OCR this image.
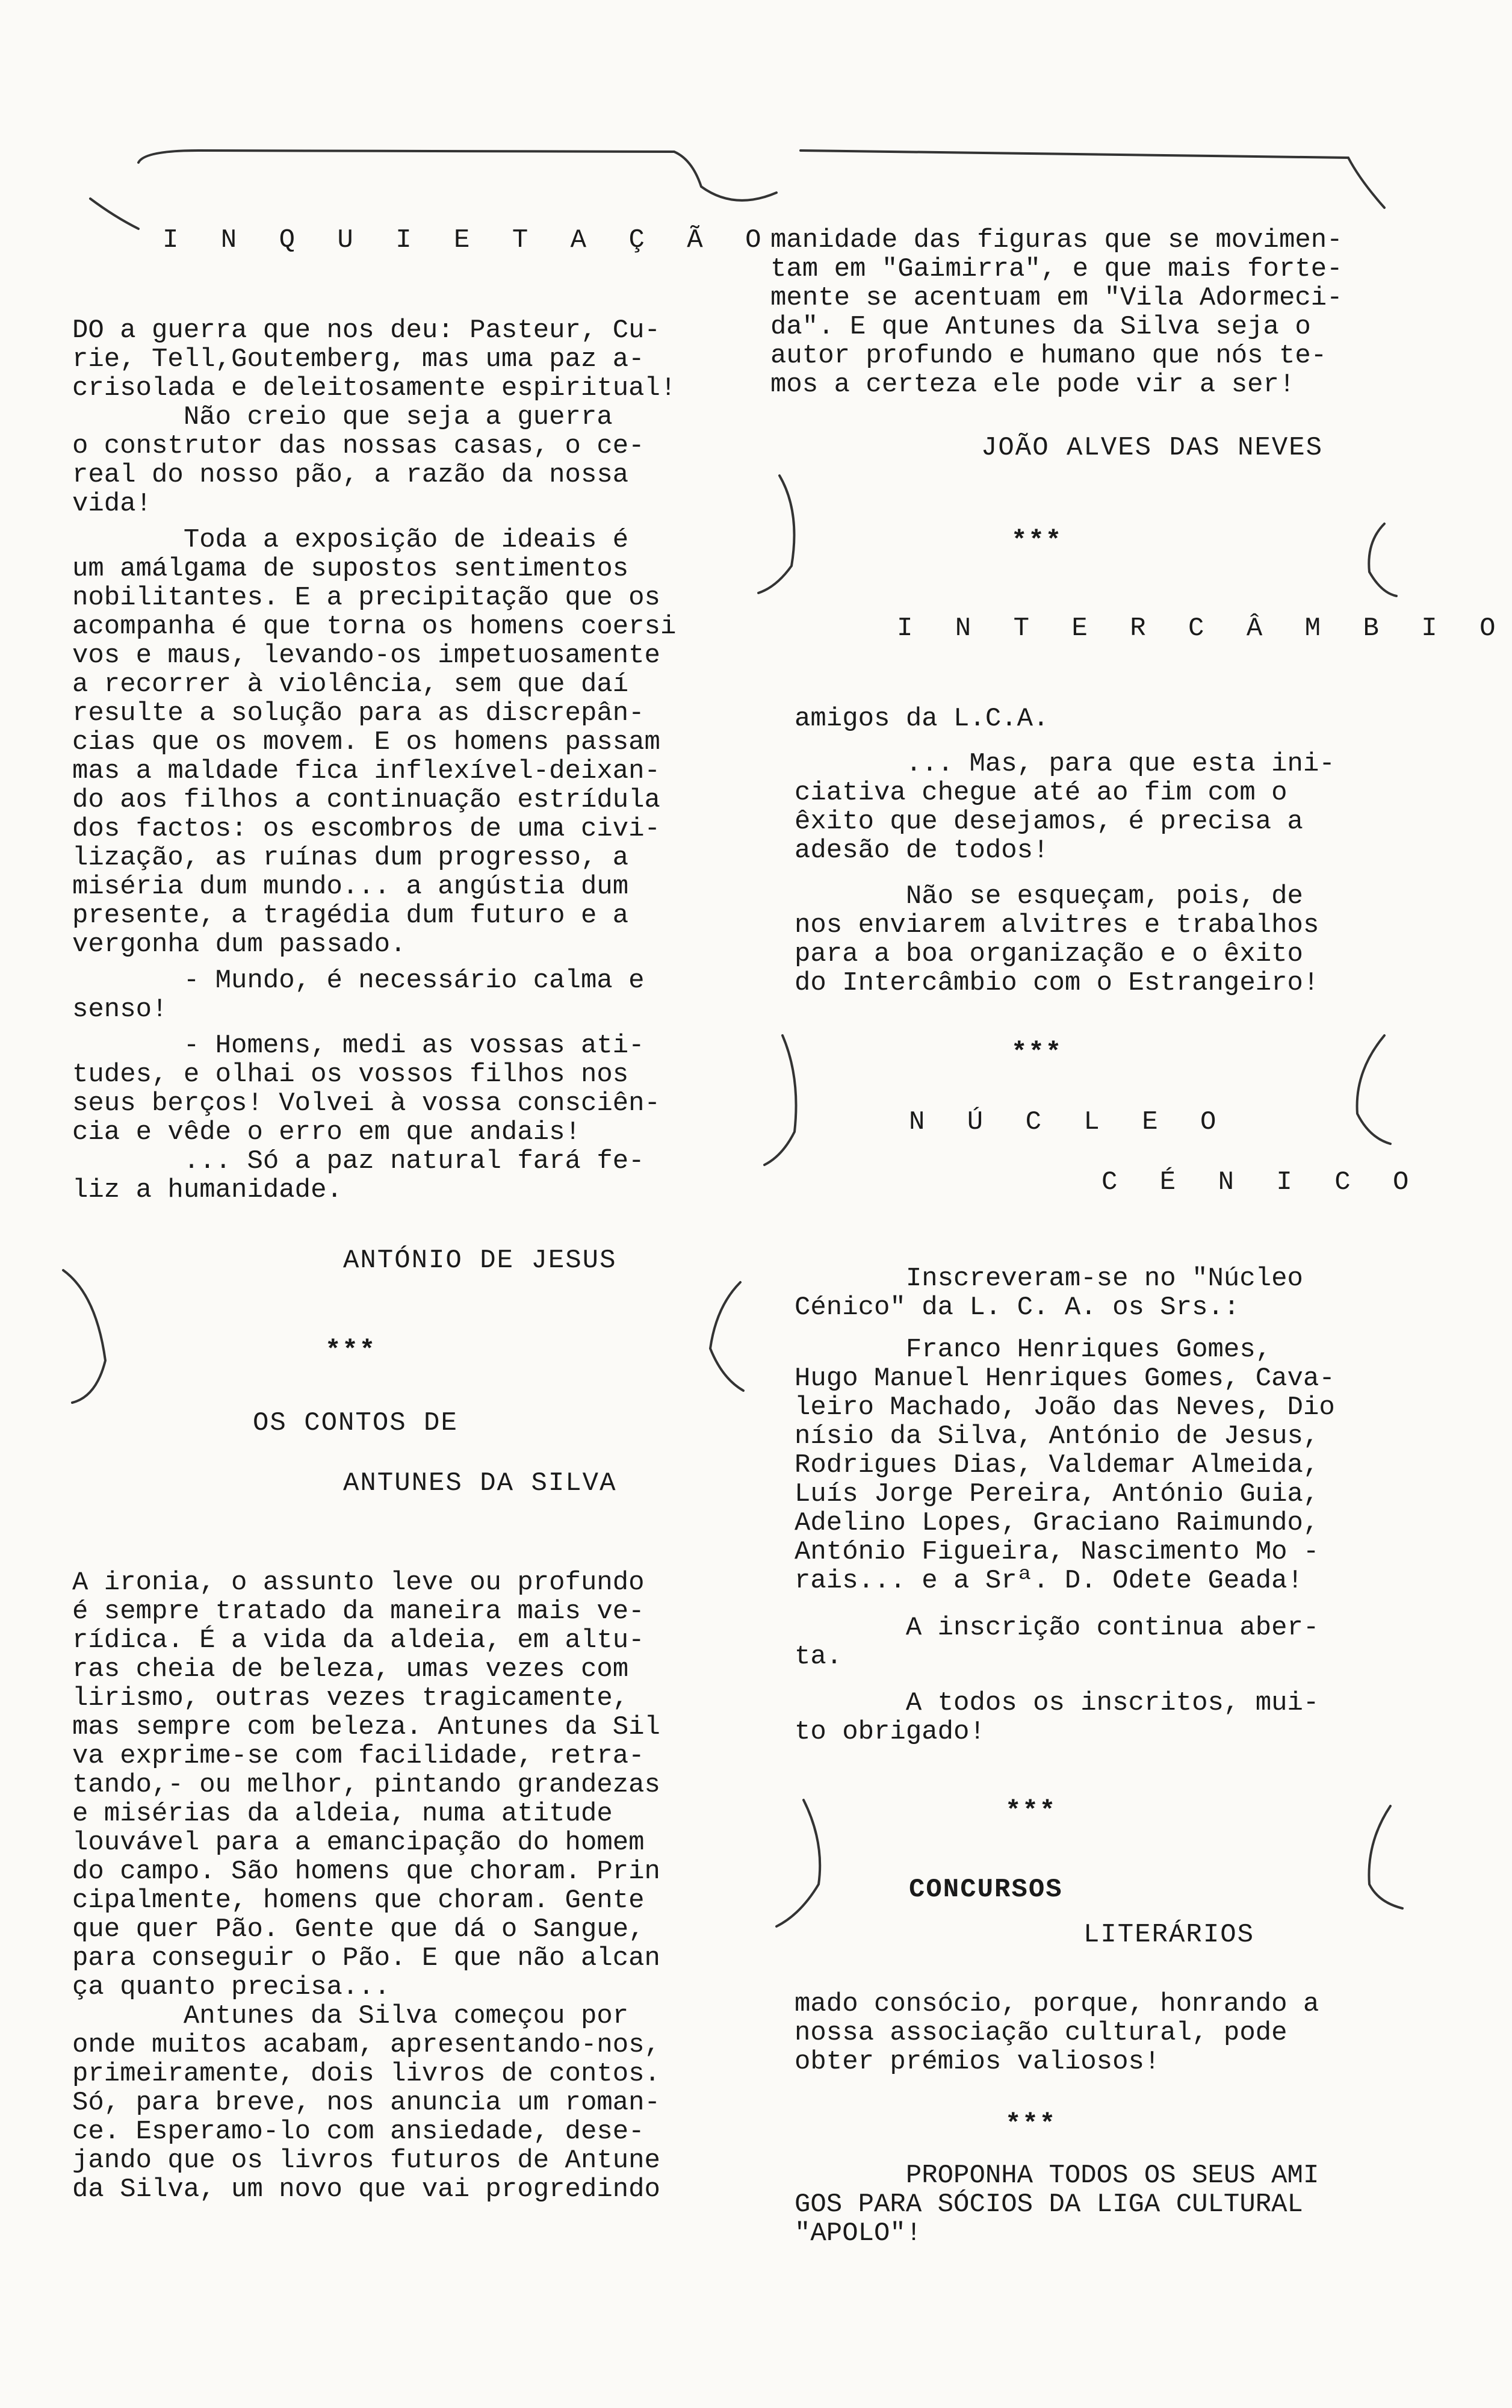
I N Q U I E T A Ç Ã O
DO a guerra que nos deu: Pasteur, Cu-
rie, Tell,Goutemberg, mas uma paz a-
crisolada e deleitosamente espiritual!
Não creio que seja a guerra
o construtor das nossas casas, o ce-
real do nosso pão, a razão da nossa
vida!
Toda a exposição de ideais é
um amálgama de supostos sentimentos
nobilitantes. E a precipitação que os
acompanha é que torna os homens coersi
vos e maus, levando-os impetuosamente
a recorrer à violência, sem que daí
resulte a solução para as discrepân-
cias que os movem. E os homens passam
mas a maldade fica inflexível-deixan-
do aos filhos a continuação estrídula
dos factos: os escombros de uma civi-
lização, as ruínas dum progresso, a
miséria dum mundo... a angústia dum
presente, a tragédia dum futuro e a
vergonha dum passado.
- Mundo, é necessário calma e
senso!
- Homens, medi as vossas ati-
tudes, e olhai os vossos filhos nos
seus berços! Volvei à vossa consciên-
cia e vêde o erro em que andais!
... Só a paz natural fará fe-
liz a humanidade.
ANTÓNIO DE JESUS
***
OS CONTOS DE
ANTUNES DA SILVA
A ironia, o assunto leve ou profundo
é sempre tratado da maneira mais ve-
rídica. É a vida da aldeia, em altu-
ras cheia de beleza, umas vezes com
lirismo, outras vezes tragicamente,
mas sempre com beleza. Antunes da Sil
va exprime-se com facilidade, retra-
tando,- ou melhor, pintando grandezas
e misérias da aldeia, numa atitude
louvável para a emancipação do homem
do campo. São homens que choram. Prin
cipalmente, homens que choram. Gente
que quer Pão. Gente que dá o Sangue,
para conseguir o Pão. E que não alcan
ça quanto precisa...
Antunes da Silva começou por
onde muitos acabam, apresentando-nos,
primeiramente, dois livros de contos.
Só, para breve, nos anuncia um roman-
ce. Esperamo-lo com ansiedade, dese-
jando que os livros futuros de Antune
da Silva, um novo que vai progredindo
manidade das figuras que se movimen-
tam em "Gaimirra", e que mais forte-
mente se acentuam em "Vila Adormeci-
da". E que Antunes da Silva seja o
autor profundo e humano que nós te-
mos a certeza ele pode vir a ser!
JOÃO ALVES DAS NEVES
***
I N T E R C Â M B I O
amigos da L.C.A.
... Mas, para que esta ini-
ciativa chegue até ao fim com o
êxito que desejamos, é precisa a
adesão de todos!
Não se esqueçam, pois, de
nos enviarem alvitres e trabalhos
para a boa organização e o êxito
do Intercâmbio com o Estrangeiro!
***
N Ú C L E O
C É N I C O
Inscreveram-se no "Núcleo
Cénico" da L. C. A. os Srs.:
Franco Henriques Gomes,
Hugo Manuel Henriques Gomes, Cava-
leiro Machado, João das Neves, Dio
nísio da Silva, António de Jesus,
Rodrigues Dias, Valdemar Almeida,
Luís Jorge Pereira, António Guia,
Adelino Lopes, Graciano Raimundo,
António Figueira, Nascimento Mo -
rais... e a Srª. D. Odete Geada!
A inscrição continua aber-
ta.
A todos os inscritos, mui-
to obrigado!
***
CONCURSOS
LITERÁRIOS
mado consócio, porque, honrando a
nossa associação cultural, pode
obter prémios valiosos!
***
PROPONHA TODOS OS SEUS AMI
GOS PARA SÓCIOS DA LIGA CULTURAL
"APOLO"!
